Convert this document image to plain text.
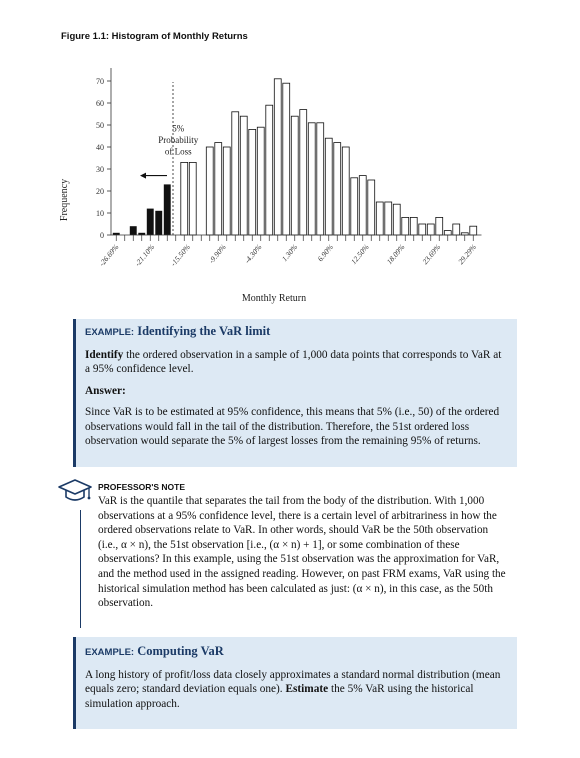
Figure 1.1: Histogram of Monthly Returns
0
10
20
30
40
50
60
70
-26.69% -21.10% -15.50% -9.90% -4.30% 1.30% 6.90% 12.50% 18.09% 23.69% 29.29%
5%
Probability
of Loss
Frequency
Monthly Return
EXAMPLE: Identifying the VaR limit

Identify the ordered observation in a sample of 1,000 data points that corresponds to VaR at a 95% confidence level.

Answer:

Since VaR is to be estimated at 95% confidence, this means that 5% (i.e., 50) of the ordered observations would fall in the tail of the distribution. Therefore, the 51st ordered loss observation would separate the 5% of largest losses from the remaining 95% of returns.

PROFESSOR'S NOTE

VaR is the quantile that separates the tail from the body of the distribution. With 1,000 observations at a 95% confidence level, there is a certain level of arbitrariness in how the ordered observations relate to VaR. In other words, should VaR be the 50th observation (i.e., α × n), the 51st observation [i.e., (α × n) + 1], or some combination of these observations? In this example, using the 51st observation was the approximation for VaR, and the method used in the assigned reading. However, on past FRM exams, VaR using the historical simulation method has been calculated as just: (α × n), in this case, as the 50th observation.

EXAMPLE: Computing VaR

A long history of profit/loss data closely approximates a standard normal distribution (mean equals zero; standard deviation equals one). Estimate the 5% VaR using the historical simulation approach.
